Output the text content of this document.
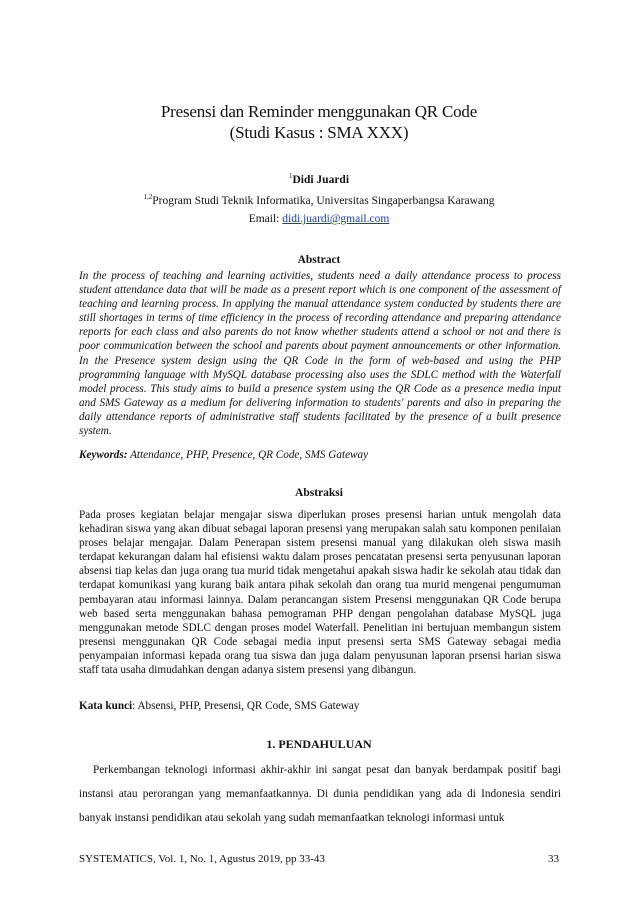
Presensi dan Reminder menggunakan QR Code
(Studi Kasus : SMA XXX)
$^1$Didi Juardi
$^{1,2}$Program Studi Teknik Informatika, Universitas Singaperbangsa Karawang
Email: didi.juardi@gmail.com
Abstract

In the process of teaching and learning activities, students need a daily attendance process to process student attendance data that will be made as a present report which is one component of the assessment of teaching and learning process. In applying the manual attendance system conducted by students there are still shortages in terms of time efficiency in the process of recording attendance and preparing attendance reports for each class and also parents do not know whether students attend a school or not and there is poor communication between the school and parents about payment announcements or other information. In the Presence system design using the QR Code in the form of web-based and using the PHP programming language with MySQL database processing also uses the SDLC method with the Waterfall model process. This study aims to build a presence system using the QR Code as a presence media input and SMS Gateway as a medium for delivering information to students' parents and also in preparing the daily attendance reports of administrative staff students facilitated by the presence of a built presence system.

Keywords: Attendance, PHP, Presence, QR Code, SMS Gateway

Abstraksi

Pada proses kegiatan belajar mengajar siswa diperlukan proses presensi harian untuk mengolah data kehadiran siswa yang akan dibuat sebagai laporan presensi yang merupakan salah satu komponen penilaian proses belajar mengajar. Dalam Penerapan sistem presensi manual yang dilakukan oleh siswa masih terdapat kekurangan dalam hal efisiensi waktu dalam proses pencatatan presensi serta penyusunan laporan absensi tiap kelas dan juga orang tua murid tidak mengetahui apakah siswa hadir ke sekolah atau tidak dan terdapat komunikasi yang kurang baik antara pihak sekolah dan orang tua murid mengenai pengumuman pembayaran atau informasi lainnya. Dalam perancangan sistem Presensi menggunakan QR Code berupa web based serta menggunakan bahasa pemograman PHP dengan pengolahan database MySQL juga menggunakan metode SDLC dengan proses model Waterfall. Penelitian ini bertujuan membangun sistem presensi menggunakan QR Code sebagai media input presensi serta SMS Gateway sebagai media penyampaian informasi kepada orang tua siswa dan juga dalam penyusunan laporan prsensi harian siswa staff tata usaha dimudahkan dengan adanya sistem presensi yang dibangun.

Kata kunci: Absensi, PHP, Presensi, QR Code, SMS Gateway

1. PENDAHULUAN

Perkembangan teknologi informasi akhir-akhir ini sangat pesat dan banyak berdampak positif bagi instansi atau perorangan yang memanfaatkannya. Di dunia pendidikan yang ada di Indonesia sendiri banyak instansi pendidikan atau sekolah yang sudah memanfaatkan teknologi informasi untuk

SYSTEMATICS, Vol. 1, No. 1, Agustus 2019, pp 33-43	33
